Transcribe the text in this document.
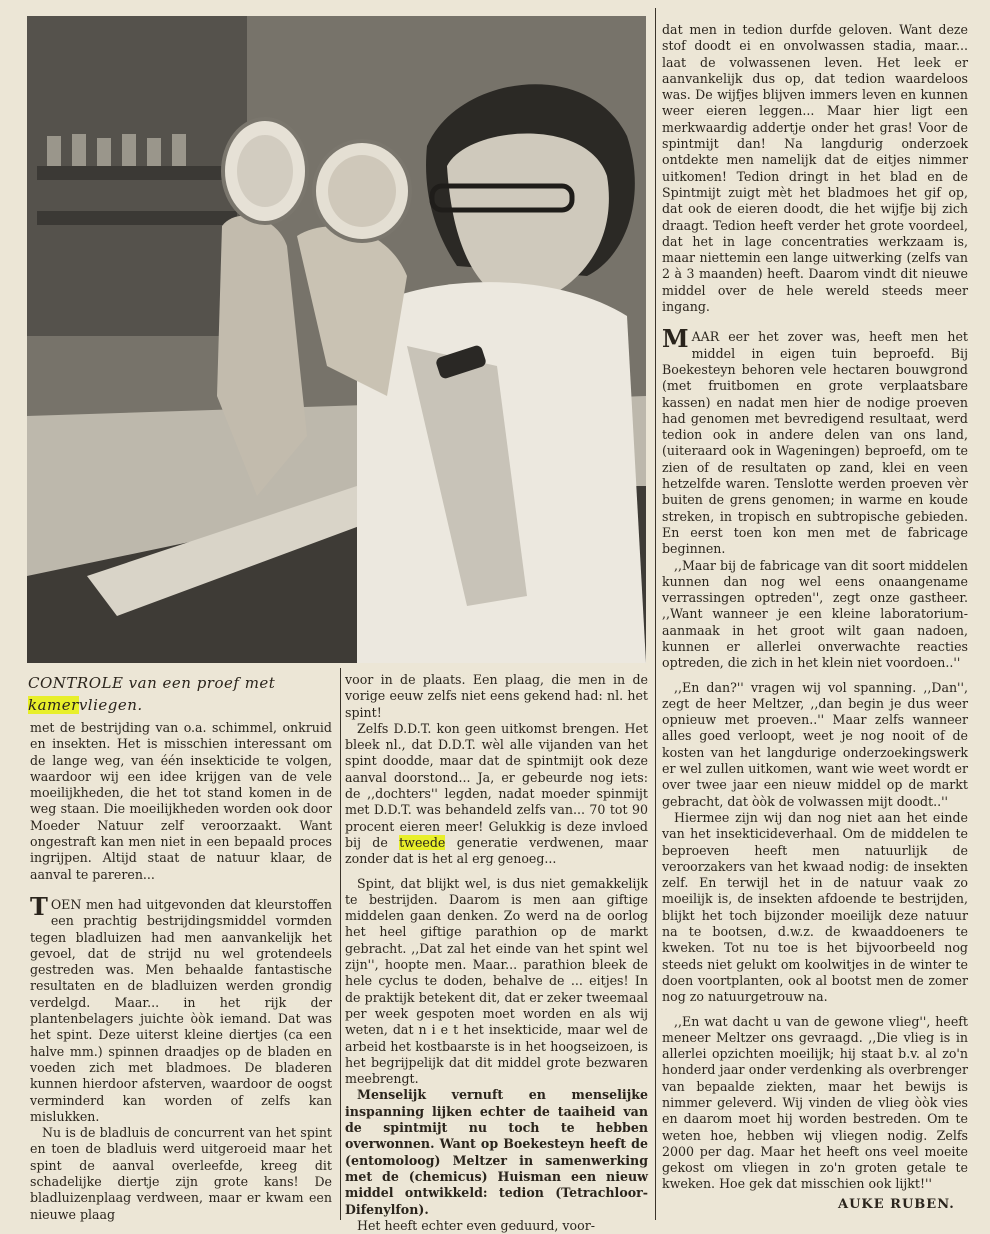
CONTROLE van een proef met kamervliegen.

met de bestrijding van o.a. schimmel, onkruid en insekten. Het is misschien interessant om de lange weg, van één insekticide te volgen, waardoor wij een idee krijgen van de vele moeilijkheden, die het tot stand komen in de weg staan. Die moeilijkheden worden ook door Moeder Natuur zelf veroorzaakt. Want ongestraft kan men niet in een bepaald proces ingrijpen. Altijd staat de natuur klaar, de aanval te pareren...

TOEN men had uitgevonden dat kleurstoffen een prachtig bestrijdingsmiddel vormden tegen bladluizen had men aanvankelijk het gevoel, dat de strijd nu wel grotendeels gestreden was. Men behaalde fantastische resultaten en de bladluizen werden grondig verdelgd. Maar... in het rijk der plantenbelagers juichte òòk iemand. Dat was het spint. Deze uiterst kleine diertjes (ca een halve mm.) spinnen draadjes op de bladen en voeden zich met bladmoes. De bladeren kunnen hierdoor afsterven, waardoor de oogst verminderd kan worden of zelfs kan mislukken.

Nu is de bladluis de concurrent van het spint en toen de bladluis werd uitgeroeid maar het spint de aanval overleefde, kreeg dit schadelijke diertje zijn grote kans! De bladluizenplaag verdween, maar er kwam een nieuwe plaag

voor in de plaats. Een plaag, die men in de vorige eeuw zelfs niet eens gekend had: nl. het spint!

Zelfs D.D.T. kon geen uitkomst brengen. Het bleek nl., dat D.D.T. wèl alle vijanden van het spint doodde, maar dat de spintmijt ook deze aanval doorstond... Ja, er gebeurde nog iets: de ,,dochters'' legden, nadat moeder spinmijt met D.D.T. was behandeld zelfs van... 70 tot 90 procent eieren meer! Gelukkig is deze invloed bij de tweede generatie verdwenen, maar zonder dat is het al erg genoeg...

Spint, dat blijkt wel, is dus niet gemakkelijk te bestrijden. Daarom is men aan giftige middelen gaan denken. Zo werd na de oorlog het heel giftige parathion op de markt gebracht. ,,Dat zal het einde van het spint wel zijn'', hoopte men. Maar... parathion bleek de hele cyclus te doden, behalve de ... eitjes! In de praktijk betekent dit, dat er zeker tweemaal per week gespoten moet worden en als wij weten, dat n i e t het insekticide, maar wel de arbeid het kostbaarste is in het hoogseizoen, is het begrijpelijk dat dit middel grote bezwaren meebrengt.

Menselijk vernuft en menselijke inspanning lijken echter de taaiheid van de spintmijt nu toch te hebben overwonnen. Want op Boekesteyn heeft de (entomoloog) Meltzer in samenwerking met de (chemicus) Huisman een nieuw middel ontwikkeld: tedion (Tetrachloor-Difenylfon).

Het heeft echter even geduurd, voor-

dat men in tedion durfde geloven. Want deze stof doodt ei en onvolwassen stadia, maar... laat de volwassenen leven. Het leek er aanvankelijk dus op, dat tedion waardeloos was. De wijfjes blijven immers leven en kunnen weer eieren leggen... Maar hier ligt een merkwaardig addertje onder het gras! Voor de spintmijt dan! Na langdurig onderzoek ontdekte men namelijk dat de eitjes nimmer uitkomen! Tedion dringt in het blad en de Spintmijt zuigt mèt het bladmoes het gif op, dat ook de eieren doodt, die het wijfje bij zich draagt. Tedion heeft verder het grote voordeel, dat het in lage concentraties werkzaam is, maar niettemin een lange uitwerking (zelfs van 2 à 3 maanden) heeft. Daarom vindt dit nieuwe middel over de hele wereld steeds meer ingang.

MAAR eer het zover was, heeft men het middel in eigen tuin beproefd. Bij Boekesteyn behoren vele hectaren bouwgrond (met fruitbomen en grote verplaatsbare kassen) en nadat men hier de nodige proeven had genomen met bevredigend resultaat, werd tedion ook in andere delen van ons land, (uiteraard ook in Wageningen) beproefd, om te zien of de resultaten op zand, klei en veen hetzelfde waren. Tenslotte werden proeven vèr buiten de grens genomen; in warme en koude streken, in tropisch en subtropische gebieden. En eerst toen kon men met de fabricage beginnen.

,,Maar bij de fabricage van dit soort middelen kunnen dan nog wel eens onaangename verrassingen optreden'', zegt onze gastheer. ,,Want wanneer je een kleine laboratorium-aanmaak in het groot wilt gaan nadoen, kunnen er allerlei onverwachte reacties optreden, die zich in het klein niet voordoen..''

,,En dan?'' vragen wij vol spanning. ,,Dan'', zegt de heer Meltzer, ,,dan begin je dus weer opnieuw met proeven..'' Maar zelfs wanneer alles goed verloopt, weet je nog nooit of de kosten van het langdurige onderzoekingswerk er wel zullen uitkomen, want wie weet wordt er over twee jaar een nieuw middel op de markt gebracht, dat òòk de volwassen mijt doodt..''

Hiermee zijn wij dan nog niet aan het einde van het insekticideverhaal. Om de middelen te beproeven heeft men natuurlijk de veroorzakers van het kwaad nodig: de insekten zelf. En terwijl het in de natuur vaak zo moeilijk is, de insekten afdoende te bestrijden, blijkt het toch bijzonder moeilijk deze natuur na te bootsen, d.w.z. de kwaaddoeners te kweken. Tot nu toe is het bijvoorbeeld nog steeds niet gelukt om koolwitjes in de winter te doen voortplanten, ook al bootst men de zomer nog zo natuurgetrouw na.

,,En wat dacht u van de gewone vlieg'', heeft meneer Meltzer ons gevraagd. ,,Die vlieg is in allerlei opzichten moeilijk; hij staat b.v. al zo'n honderd jaar onder verdenking als overbrenger van bepaalde ziekten, maar het bewijs is nimmer geleverd. Wij vinden de vlieg òòk vies en daarom moet hij worden bestreden. Om te weten hoe, hebben wij vliegen nodig. Zelfs 2000 per dag. Maar het heeft ons veel moeite gekost om vliegen in zo'n groten getale te kweken. Hoe gek dat misschien ook lijkt!''

AUKE RUBEN.
